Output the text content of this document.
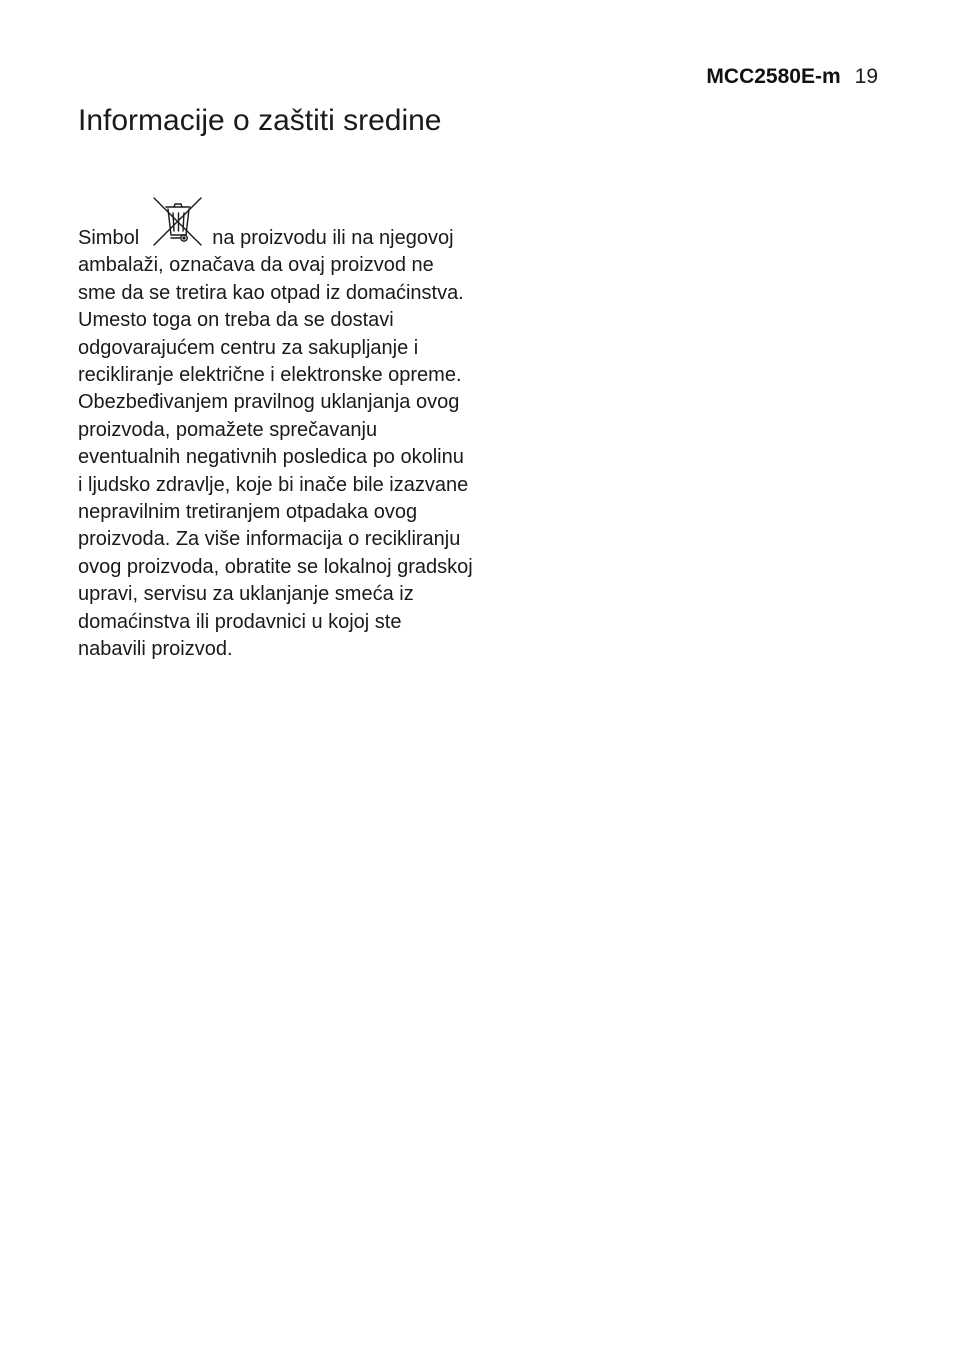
MCC2580E-m 19
Informacije o zaštiti sredine

Simbol	na proizvodu ili na njegovoj ambalaži, označava da ovaj proizvod ne sme da se tretira kao otpad iz domaćinstva. Umesto toga on treba da se dostavi odgovarajućem centru za sakupljanje i recikliranje električne i elektronske opreme. Obezbeđivanjem pravilnog uklanjanja ovog proizvoda, pomažete sprečavanju eventualnih negativnih posledica po okolinu i ljudsko zdravlje, koje bi inače bile izazvane nepravilnim tretiranjem otpadaka ovog proizvoda. Za više informacija o recikliranju ovog proizvoda, obratite se lokalnoj gradskoj upravi, servisu za uklanjanje smeća iz domaćinstva ili prodavnici u kojoj ste nabavili proizvod.
